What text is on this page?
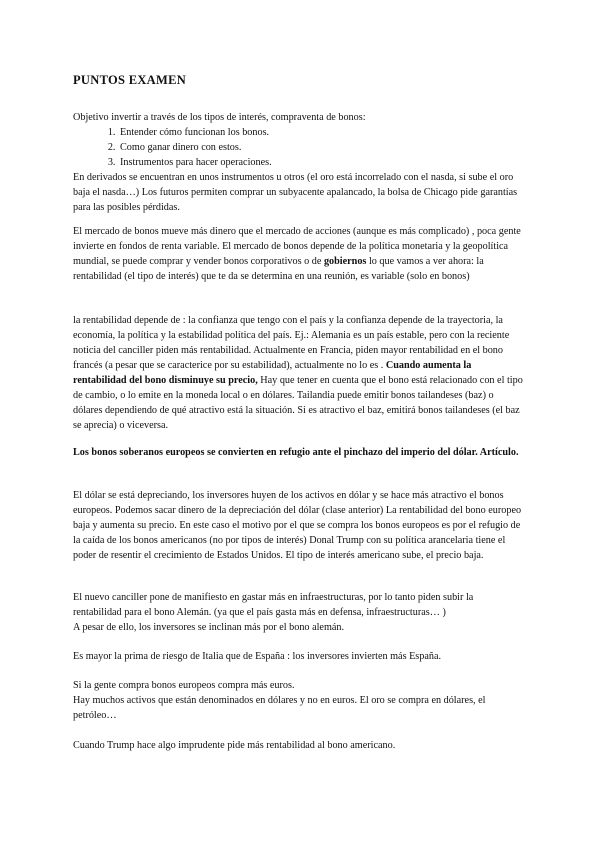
PUNTOS EXAMEN

Objetivo invertir a través de los tipos de interés, compraventa de bonos:

1. Entender cómo funcionan los bonos.
2. Como ganar dinero con estos.
3. Instrumentos para hacer operaciones.

En derivados se encuentran en unos instrumentos u otros (el oro está incorrelado con el nasda, si sube el oro baja el nasda…) Los futuros permiten comprar un subyacente apalancado, la bolsa de Chicago pide garantías para las posibles pérdidas.

El mercado de bonos mueve más dinero que el mercado de acciones (aunque es más complicado) , poca gente invierte en fondos de renta variable. El mercado de bonos depende de la política monetaria y la geopolítica mundial, se puede comprar y vender bonos corporativos o de gobiernos lo que vamos a ver ahora: la rentabilidad (el tipo de interés) que te da se determina en una reunión, es variable (solo en bonos)

la rentabilidad depende de : la confianza que tengo con el país y la confianza depende de la trayectoria, la economía, la política y la estabilidad política del país. Ej.: Alemania es un país estable, pero con la reciente noticia del canciller piden más rentabilidad. Actualmente en Francia, piden mayor rentabilidad en el bono francés (a pesar que se caracterice por su estabilidad), actualmente no lo es . Cuando aumenta la rentabilidad del bono disminuye su precio, Hay que tener en cuenta que el bono está relacionado con el tipo de cambio, o lo emite en la moneda local o en dólares. Tailandia puede emitir bonos tailandeses (baz) o dólares dependiendo de qué atractivo está la situación. Si es atractivo el baz, emitirá bonos tailandeses (el baz se aprecia) o viceversa.

Los bonos soberanos europeos se convierten en refugio ante el pinchazo del imperio del dólar. Artículo.
El dólar se está depreciando, los inversores huyen de los activos en dólar y se hace más atractivo el bonos europeos. Podemos sacar dinero de la depreciación del dólar (clase anterior) La rentabilidad del bono europeo baja y aumenta su precio. En este caso el motivo por el que se compra los bonos europeos es por el refugio de la caída de los bonos americanos (no por tipos de interés) Donal Trump con su política arancelaria tiene el poder de resentir el crecimiento de Estados Unidos. El tipo de interés americano sube, el precio baja.

El nuevo canciller pone de manifiesto en gastar más en infraestructuras, por lo tanto piden subir la rentabilidad para el bono Alemán. (ya que el país gasta más en defensa, infraestructuras… )

A pesar de ello, los inversores se inclinan más por el bono alemán.

Es mayor la prima de riesgo de Italia que de España : los inversores invierten más España.

Si la gente compra bonos europeos compra más euros.

Hay muchos activos que están denominados en dólares y no en euros. El oro se compra en dólares, el petróleo…

Cuando Trump hace algo imprudente pide más rentabilidad al bono americano.
